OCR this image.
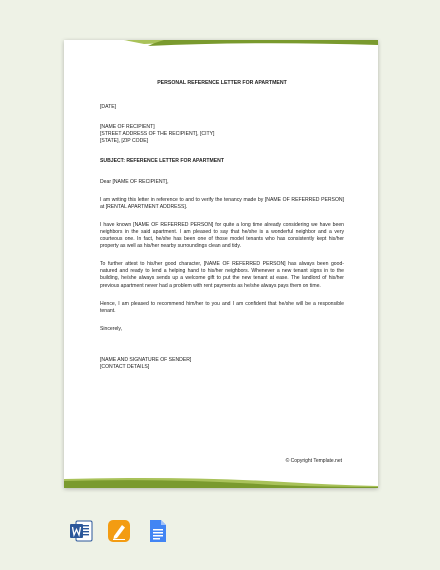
PERSONAL REFERENCE LETTER FOR APARTMENT

[DATE]

[NAME OF RECIPIENT]

[STREET ADDRESS OF THE RECIPIENT], [CITY]

[STATE], [ZIP CODE]

SUBJECT: REFERENCE LETTER FOR APARTMENT

Dear [NAME OF RECIPIENT],

I am writing this letter in reference to and to verify the tenancy made by [NAME OF REFERRED PERSON] at [RENTAL APARTMENT ADDRESS].

I have known [NAME OF REFERRED PERSON] for quite a long time already considering we have been neighbors in the said apartment. I am pleased to say that he/she is a wonderful neighbor and a very courteous one. In fact, he/she has been one of those model tenants who has consistently kept his/her property as well as his/her nearby surroundings clean and tidy.

To further attest to his/her good character, [NAME OF REFERRED PERSON] has always been good-natured and ready to lend a helping hand to his/her neighbors. Whenever a new tenant signs in to the building, he/she always sends up a welcome gift to put the new tenant at ease. The landlord of his/her previous apartment never had a problem with rent payments as he/she always pays them on time.

Hence, I am pleased to recommend him/her to you and I am confident that he/she will be a responsible tenant.

Sincerely,

[NAME AND SIGNATURE OF SENDER]

[CONTACT DETAILS]

© Copyright Template.net
